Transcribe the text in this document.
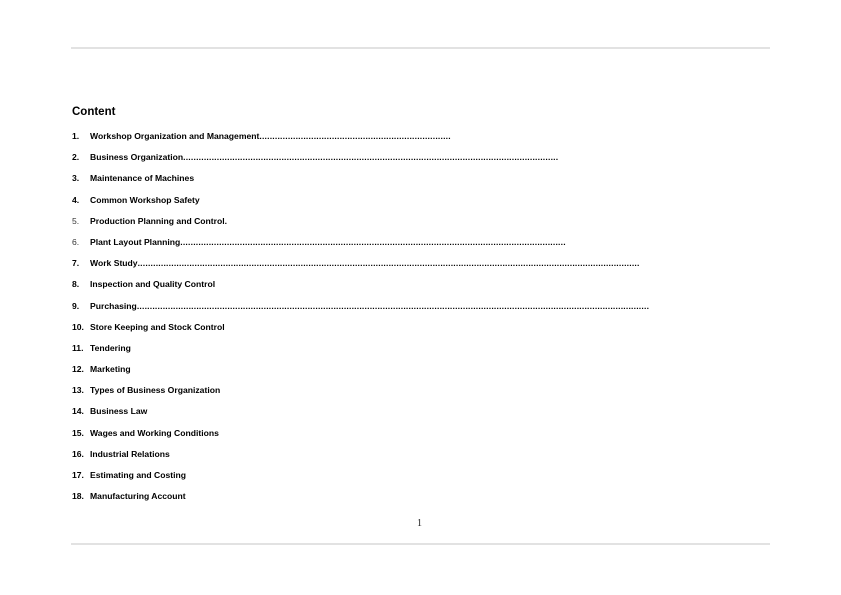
Content
1. Workshop Organization and Management..........................................................................
2. Business Organization.................................................................................................................................................
3. Maintenance of Machines
4. Common Workshop Safety
5. Production Planning and Control.
6. Plant Layout Planning.....................................................................................................................................................
7. Work Study..................................................................................................................................................................................................
8. Inspection and Quality Control
9. Purchasing......................................................................................................................................................................................................
10. Store Keeping and Stock Control
11. Tendering
12. Marketing
13. Types of Business Organization
14. Business Law
15. Wages and Working Conditions
16. Industrial Relations
17. Estimating and Costing
18. Manufacturing Account
1
